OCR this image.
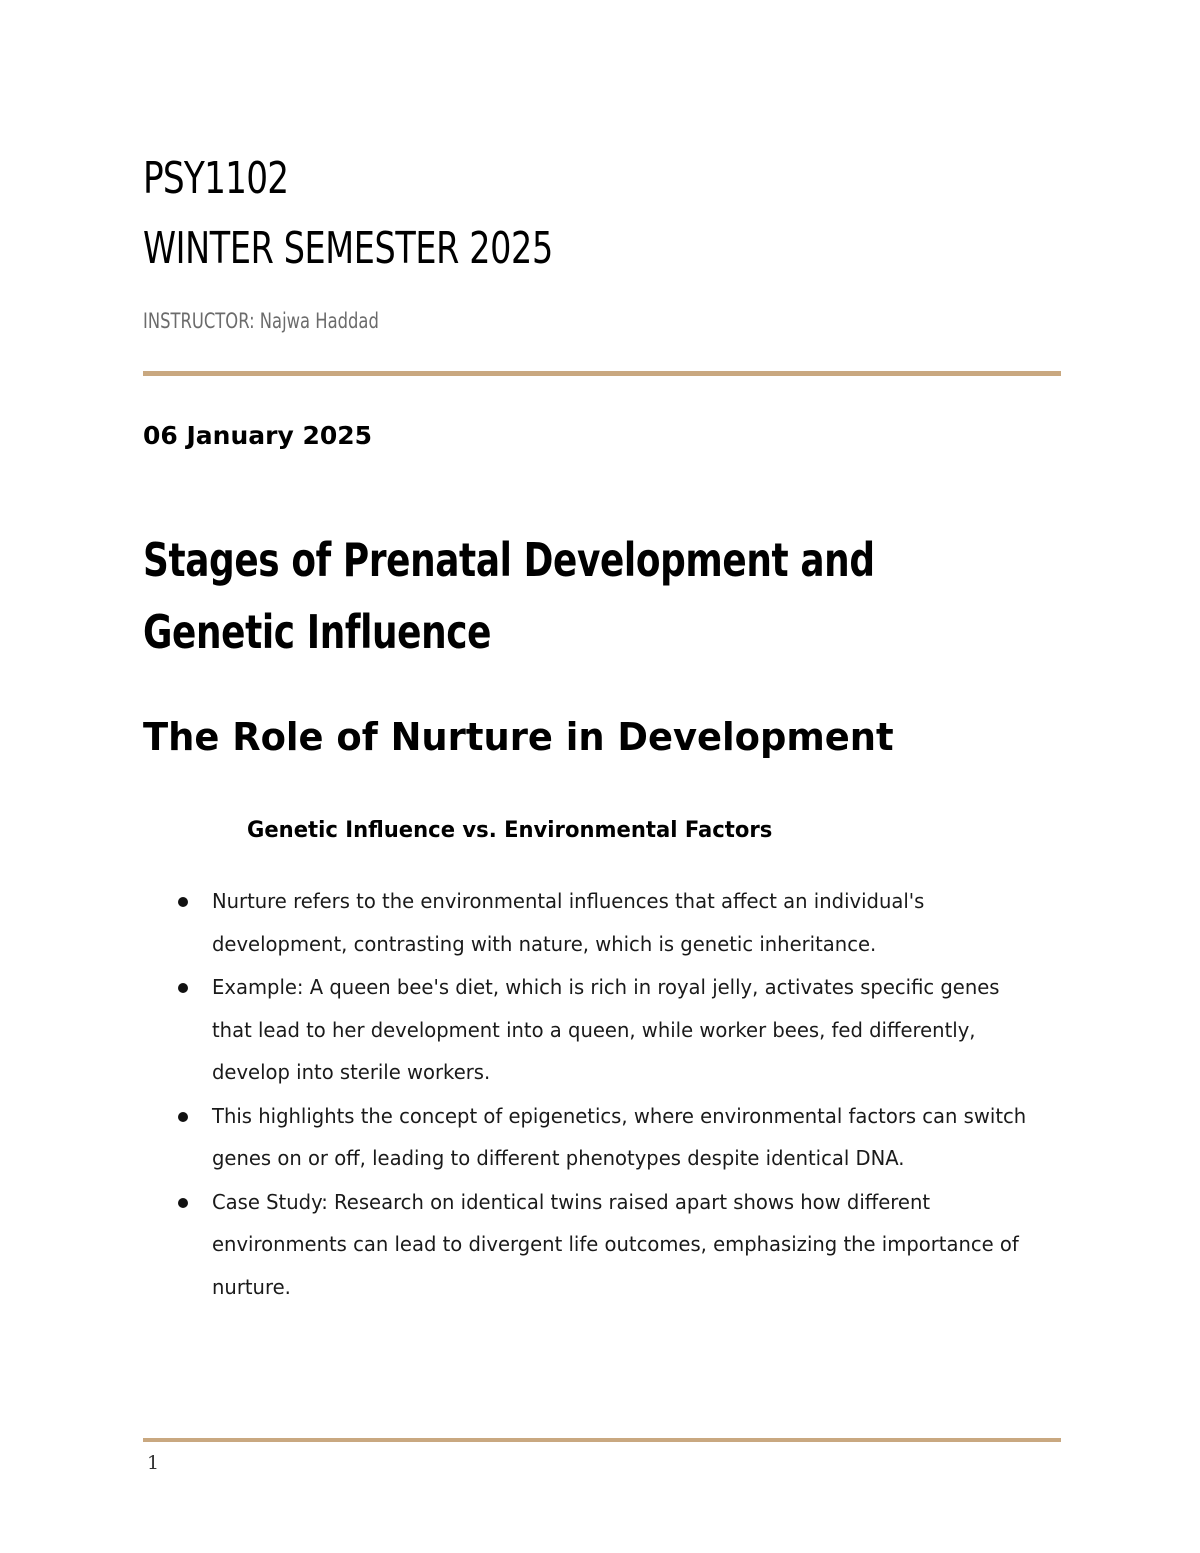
PSY1102
WINTER SEMESTER 2025
INSTRUCTOR: Najwa Haddad
06 January 2025
Stages of Prenatal Development and Genetic Influence
The Role of Nurture in Development
Genetic Influence vs. Environmental Factors
Nurture refers to the environmental influences that affect an individual's development, contrasting with nature, which is genetic inheritance.
Example: A queen bee's diet, which is rich in royal jelly, activates specific genes that lead to her development into a queen, while worker bees, fed differently, develop into sterile workers.
This highlights the concept of epigenetics, where environmental factors can switch genes on or off, leading to different phenotypes despite identical DNA.
Case Study: Research on identical twins raised apart shows how different environments can lead to divergent life outcomes, emphasizing the importance of nurture.
1
